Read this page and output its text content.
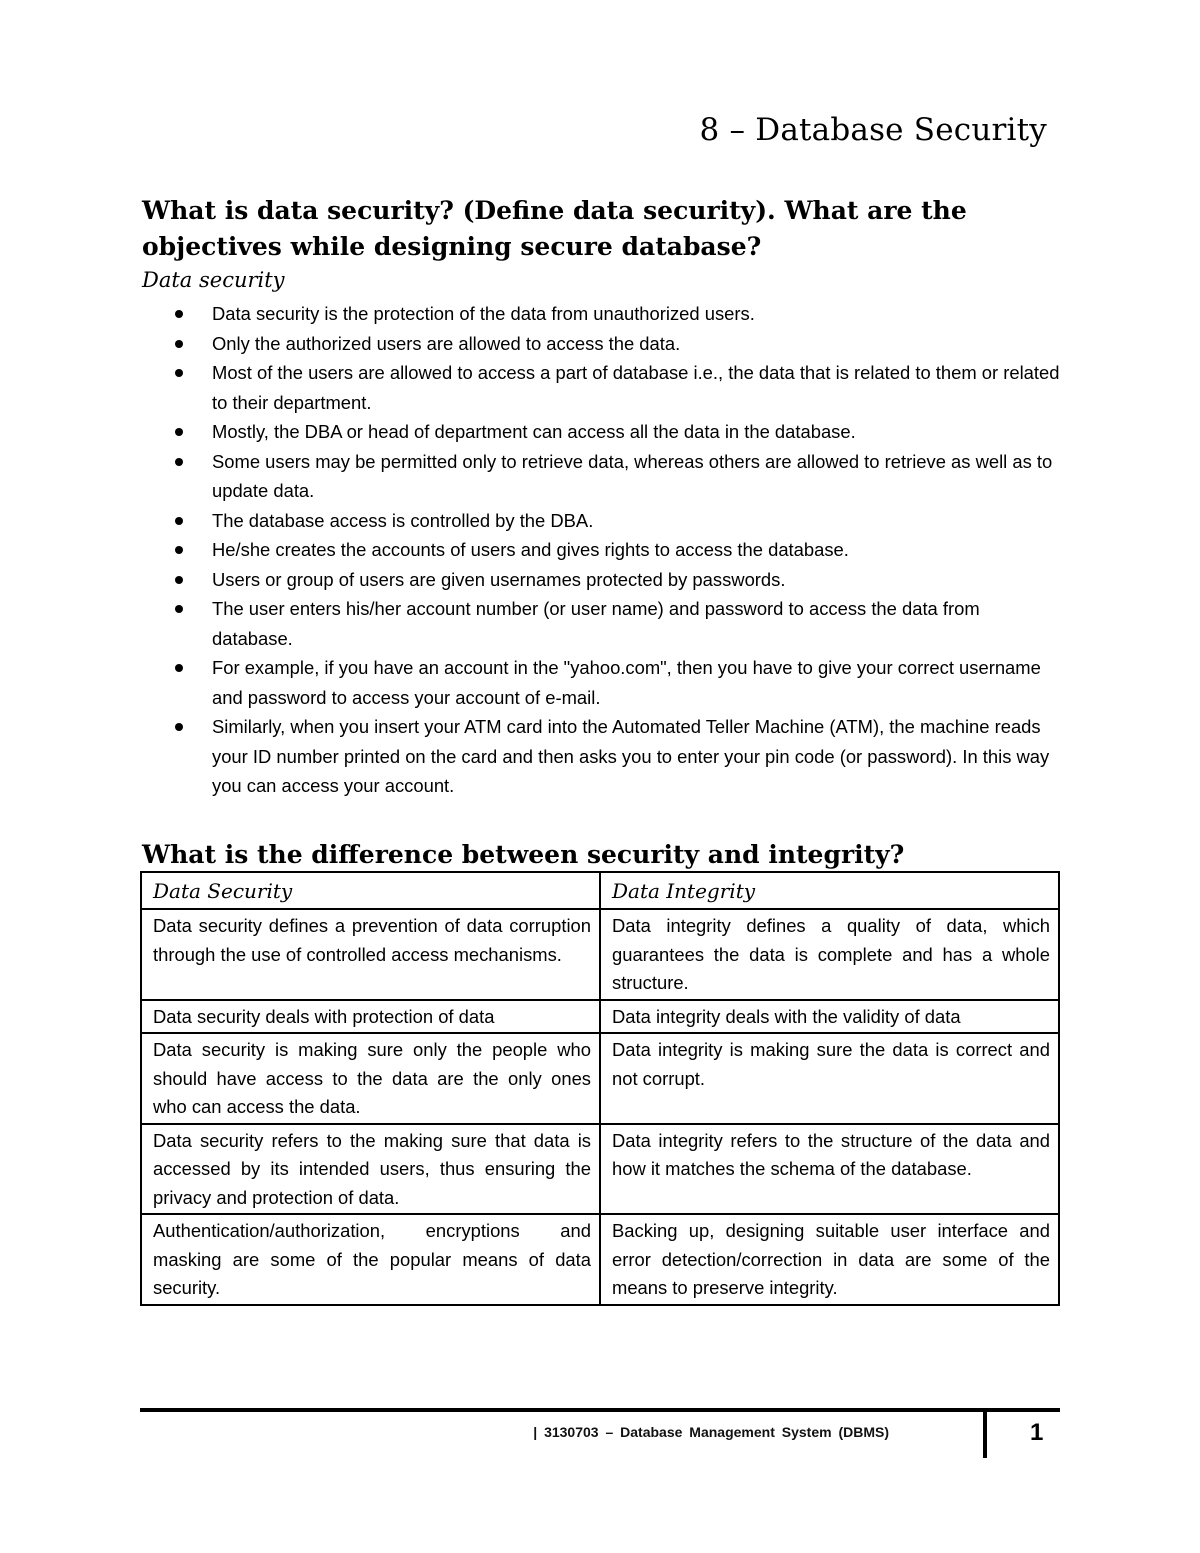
8 – Database Security
What is data security? (Define data security). What are the objectives while designing secure database?
Data security
Data security is the protection of the data from unauthorized users.
Only the authorized users are allowed to access the data.
Most of the users are allowed to access a part of database i.e., the data that is related to them or related to their department.
Mostly, the DBA or head of department can access all the data in the database.
Some users may be permitted only to retrieve data, whereas others are allowed to retrieve as well as to update data.
The database access is controlled by the DBA.
He/she creates the accounts of users and gives rights to access the database.
Users or group of users are given usernames protected by passwords.
The user enters his/her account number (or user name) and password to access the data from database.
For example, if you have an account in the "yahoo.com", then you have to give your correct username and password to access your account of e-mail.
Similarly, when you insert your ATM card into the Automated Teller Machine (ATM), the machine reads your ID number printed on the card and then asks you to enter your pin code (or password). In this way you can access your account.
What is the difference between security and integrity?
Data Security	Data Integrity
Data security defines a prevention of data corruption through the use of controlled access mechanisms.	Data integrity defines a quality of data, which guarantees the data is complete and has a whole structure.
Data security deals with protection of data	Data integrity deals with the validity of data
Data security is making sure only the people who should have access to the data are the only ones who can access the data.	Data integrity is making sure the data is correct and not corrupt.
Data security refers to the making sure that data is accessed by its intended users, thus ensuring the privacy and protection of data.	Data integrity refers to the structure of the data and how it matches the schema of the database.
Authentication/authorization, encryptions and masking are some of the popular means of data security.	Backing up, designing suitable user interface and error detection/correction in data are some of the means to preserve integrity.
| 3130703 – Database Management System (DBMS)	1
